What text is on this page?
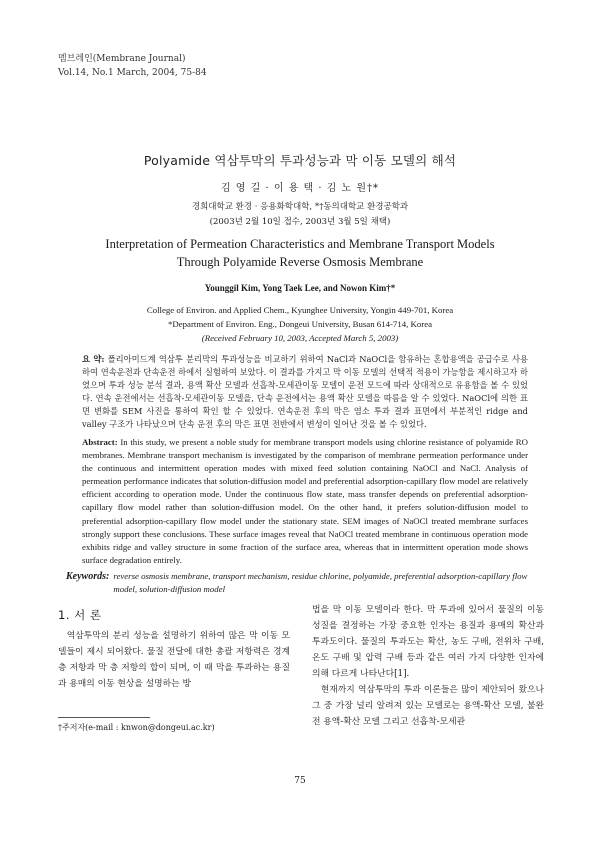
멤브레인(Membrane Journal)
Vol.14, No.1 March, 2004, 75-84
Polyamide 역삼투막의 투과성능과 막 이동 모델의 해석
김 영 길 · 이 용 택 · 김 노 원†*
경희대학교 환경 · 응용화학대학, *†동의대학교 환경공학과
(2003년 2월 10일 접수, 2003년 3월 5일 채택)
Interpretation of Permeation Characteristics and Membrane Transport Models
Through Polyamide Reverse Osmosis Membrane
Younggil Kim, Yong Taek Lee, and Nowon Kim†*
College of Environ. and Applied Chem., Kyunghee University, Yongin 449-701, Korea
*Department of Environ. Eng., Dongeui University, Busan 614-714, Korea
(Received February 10, 2003, Accepted March 5, 2003)
요 약: 폴리아미드계 역삼투 분리막의 투과성능을 비교하기 위하여 NaCl과 NaOCl을 함유하는 혼합용액을 공급수로 사용하여 연속운전과 단속운전 하에서 실험하여 보았다. 이 결과를 가지고 막 이동 모델의 선택적 적용이 가능함을 제시하고자 하였으며 투과 성능 분석 결과, 용액 확산 모델과 선흡착-모세관이동 모델이 운전 모드에 따라 상대적으로 유용함을 볼 수 있었다. 연속 운전에서는 선흡착-모세관이동 모델을, 단속 운전에서는 용액 확산 모델을 따름을 알 수 있었다. NaOCl에 의한 표면 변화를 SEM 사진을 통하여 확인 할 수 있었다. 연속운전 후의 막은 염소 투과 결과 표면에서 부분적인 ridge and valley 구조가 나타났으며 단속 운전 후의 막은 표면 전반에서 변성이 일어난 것을 볼 수 있었다.
Abstract: In this study, we present a noble study for membrane transport models using chlorine resistance of polyamide RO membranes. Membrane transport mechanism is investigated by the comparison of membrane permeation performance under the continuous and intermittent operation modes with mixed feed solution containing NaOCl and NaCl. Analysis of permeation performance indicates that solution-diffusion model and preferential adsorption-capillary flow model are relatively efficient according to operation mode. Under the continuous flow state, mass transfer depends on preferential adsorption-capillary flow model rather than solution-diffusion model. On the other hand, it prefers solution-diffusion model to preferential adsorption-capillary flow model under the stationary state. SEM images of NaOCl treated membrane surfaces strongly support these conclusions. These surface images reveal that NaOCl treated membrane in continuous operation mode exhibits ridge and valley structure in some fraction of the surface area, whereas that in intermittent operation mode shows surface degradation entirely.
Keywords: reverse osmosis membrane, transport mechanism, residue chlorine, polyamide, preferential adsorption-capillary flow model, solution-diffusion model
1. 서 론
역삼투막의 분리 성능을 설명하기 위하여 많은 막 이동 모델들이 제시 되어왔다. 물질 전달에 대한 총괄 저항력은 경계층 저항과 막 층 저항의 합이 되며, 이 때 막을 투과하는 용질과 용매의 이동 현상을 설명하는 방
법을 막 이동 모델이라 한다. 막 투과에 있어서 물질의 이동 성질을 결정하는 가장 중요한 인자는 용질과 용매의 확산과 투과도이다. 물질의 투과도는 확산, 농도 구배, 전위차 구배, 온도 구배 및 압력 구배 등과 같은 여러 가지 다양한 인자에 의해 다르게 나타난다[1].
현재까지 역삼투막의 투과 이론들은 많이 제안되어 왔으나 그 중 가장 널리 알려져 있는 모델로는 용액-확산 모델, 불완전 용액-확산 모델 그리고 선흡착-모세관
†주저자(e-mail : knwon@dongeui.ac.kr)
75
